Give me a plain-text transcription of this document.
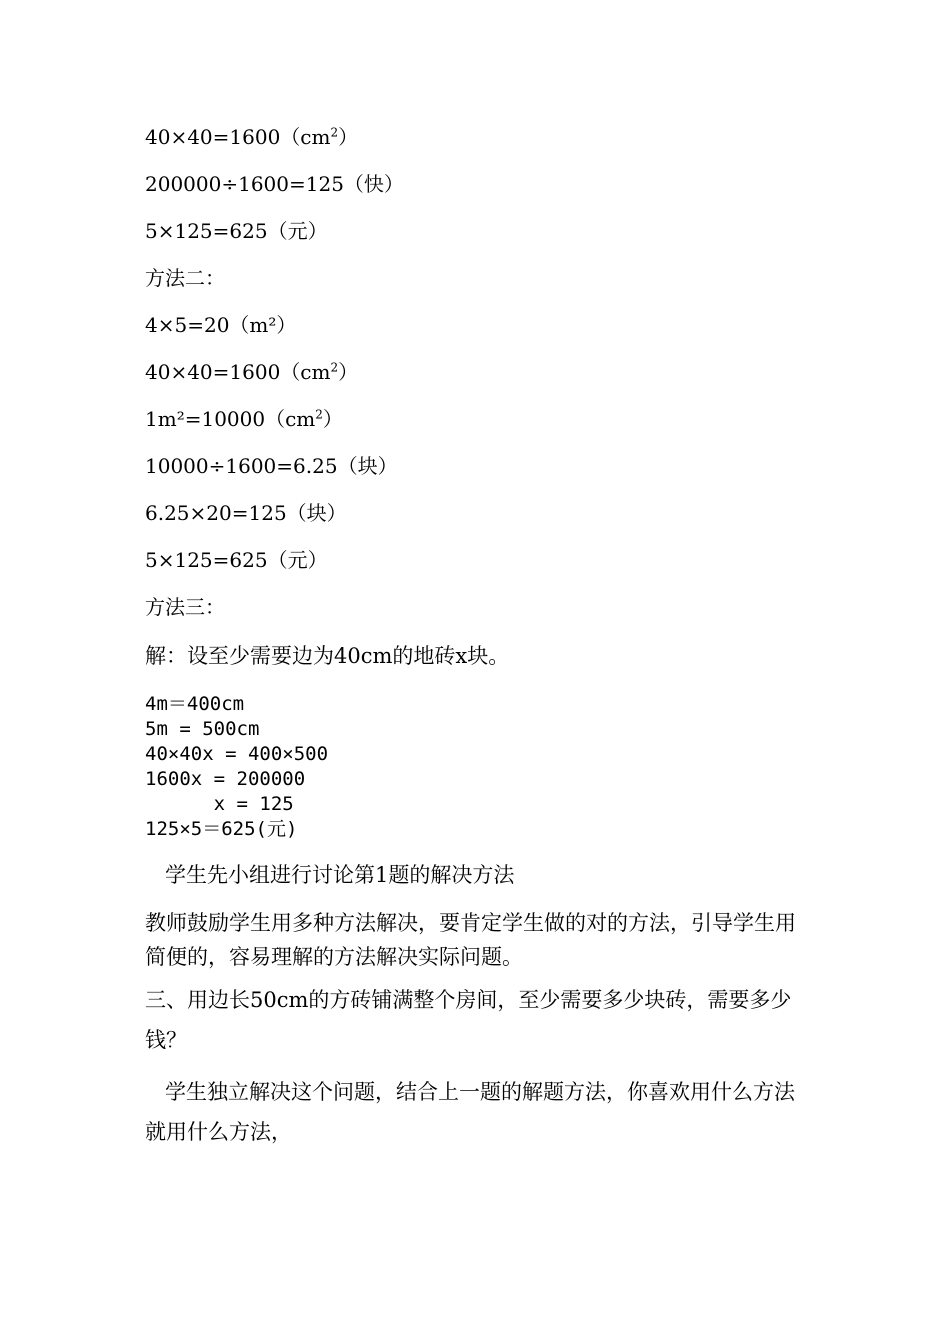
$40\times 40=1600(cm^2)$

200000÷1600=125（快）

5×125=625（元）

方法二：

4×5=20（m²）

$40\times 40=1600(cm^2)$

$1m^2=10000(cm^2)$

10000÷1600=6.25（块）

6.25×20=125（块）

5×125=625（元）

方法三：

解：设至少需要边为40cm的地砖x块。

4m＝400cm
5m = 500cm
40×40x = 400×500
1600x = 200000
x = 125
125×5＝625(元)

学生先小组进行讨论第1题的解决方法

教师鼓励学生用多种方法解决，要肯定学生做的对的方法，引导学生用简便的，容易理解的方法解决实际问题。

三、用边长50cm的方砖铺满整个房间，至少需要多少块砖，需要多少钱？

学生独立解决这个问题，结合上一题的解题方法，你喜欢用什么方法就用什么方法，
